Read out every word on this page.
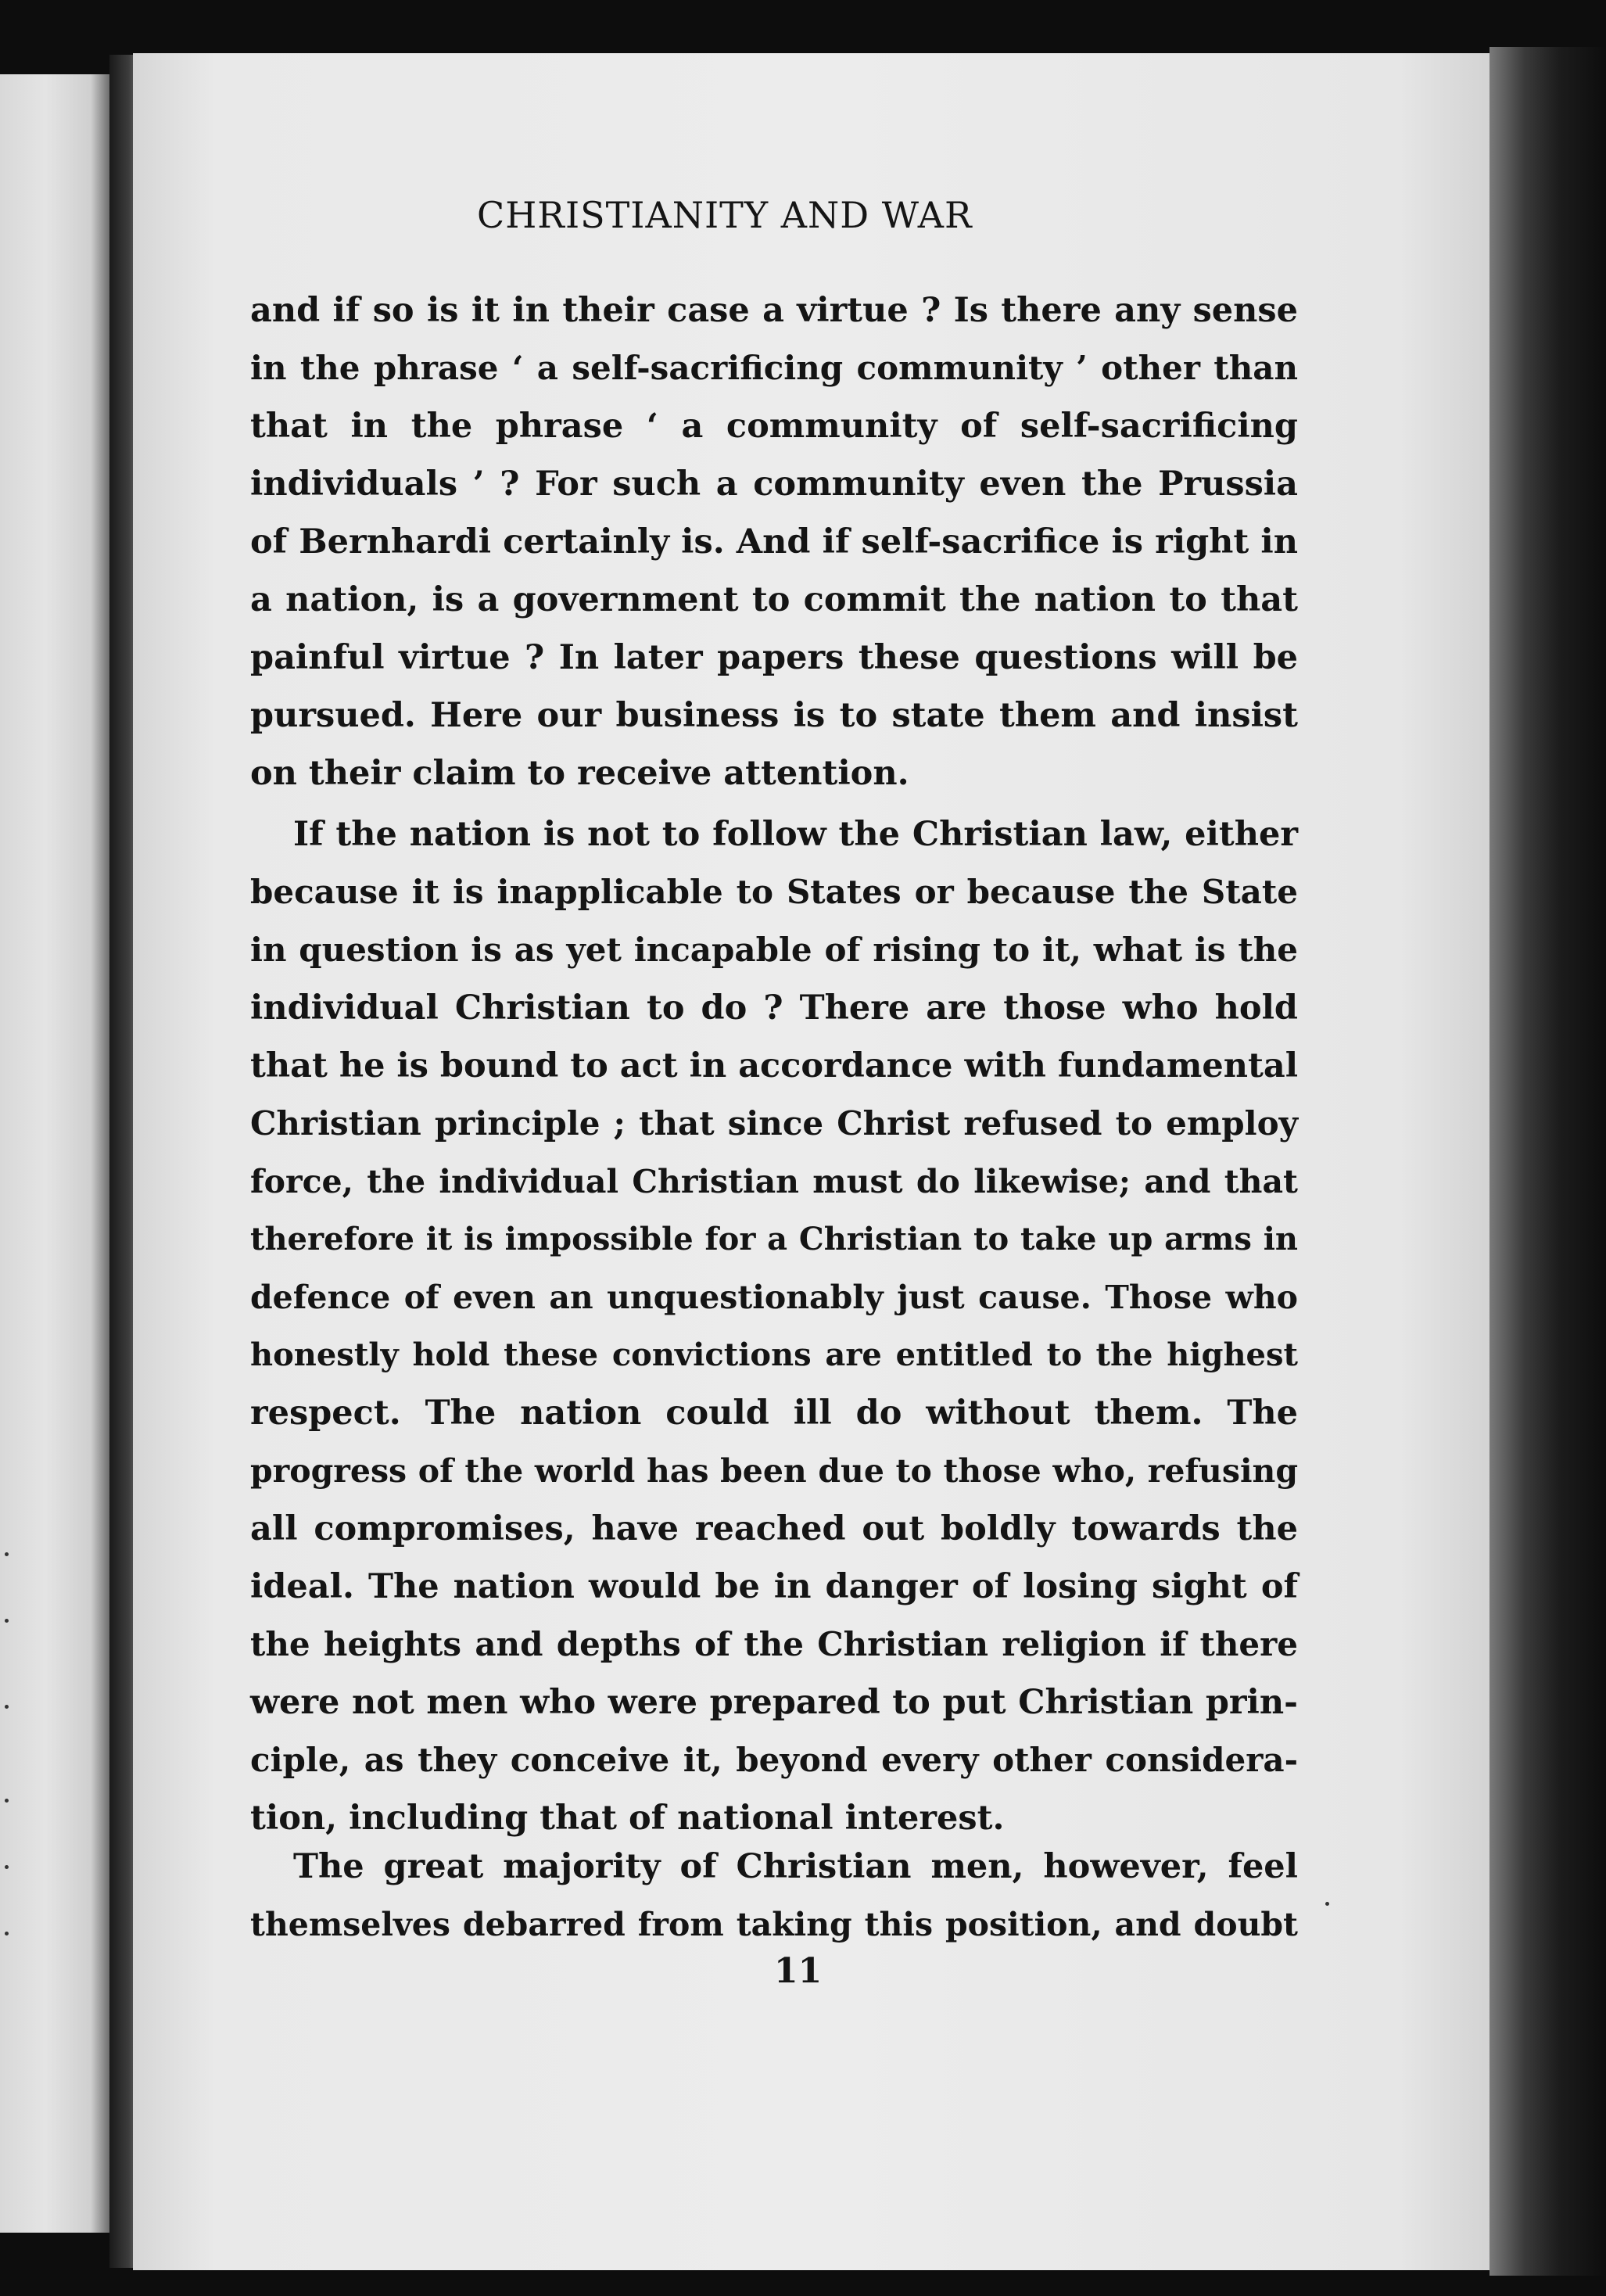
CHRISTIANITY AND WAR
and if so is it in their case a virtue ? Is there any sense
in the phrase ‘ a self-sacrificing community ’ other than
that in the phrase ‘ a community of self-sacrificing
individuals ’ ? For such a community even the Prussia
of Bernhardi certainly is. And if self-sacrifice is right in
a nation, is a government to commit the nation to that
painful virtue ? In later papers these questions will be
pursued. Here our business is to state them and insist
on their claim to receive attention.
If the nation is not to follow the Christian law, either
because it is inapplicable to States or because the State
in question is as yet incapable of rising to it, what is the
individual Christian to do ? There are those who hold
that he is bound to act in accordance with fundamental
Christian principle ; that since Christ refused to employ
force, the individual Christian must do likewise; and that
therefore it is impossible for a Christian to take up arms in
defence of even an unquestionably just cause. Those who
honestly hold these convictions are entitled to the highest
respect. The nation could ill do without them. The
progress of the world has been due to those who, refusing
all compromises, have reached out boldly towards the
ideal. The nation would be in danger of losing sight of
the heights and depths of the Christian religion if there
were not men who were prepared to put Christian prin-
ciple, as they conceive it, beyond every other considera-
tion, including that of national interest.
The great majority of Christian men, however, feel
themselves debarred from taking this position, and doubt
11
